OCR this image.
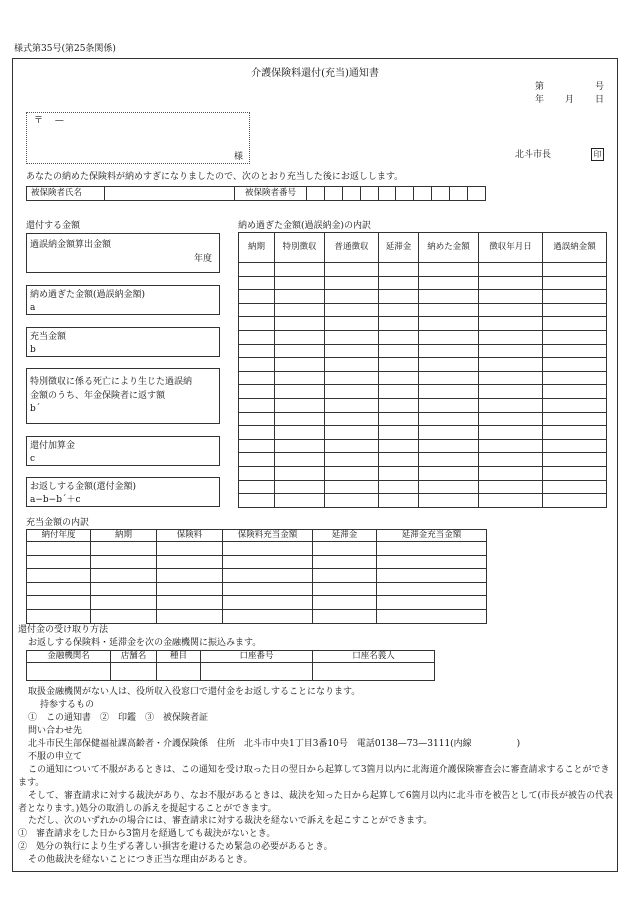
様式第35号(第25条関係)
介護保険料還付(充当)通知書
第	号
年 月 日
〒 　—
様	北斗市長	印
あなたの納めた保険料が納めすぎになりましたので、次のとおり充当した後にお返しします。
被保険者氏名		被保険者番号										
還付する金額
過誤納金額算出金額
年度
納め過ぎた金額(過誤納金額)
a
充当金額
b
特別徴収に係る死亡により生じた過誤納
金額のうち、年金保険者に返す額
b´
還付加算金
c
お返しする金額(還付金額)
a−b−b´＋c
納め過ぎた金額(過誤納金)の内訳
納期	特別徴収	普通徴収	延滞金	納めた金額	徴収年月日	過誤納金額

充当金額の内訳
納付年度	納期	保険料	保険料充当金額	延滞金	延滞金充当金額

還付金の受け取り方法
お返しする保険料・延滞金を次の金融機関に振込みます。
金融機関名	店舗名	種目	口座番号	口座名義人

取扱金融機関がない人は、役所収入役窓口で還付金をお返しすることになります。
持参するもの
①　この通知書　②　印鑑　③　被保険者証
問い合わせ先
北斗市民生部保健福祉課高齢者・介護保険係　住所　北斗市中央1丁目3番10号　電話0138—73—3111(内線　　　　　)
不服の申立て
この通知について不服があるときは、この通知を受け取った日の翌日から起算して3箇月以内に北海道介護保険審査会に審査請求することができます。
そして、審査請求に対する裁決があり、なお不服があるときは、裁決を知った日から起算して6箇月以内に北斗市を被告として(市長が被告の代表者となります。)処分の取消しの訴えを提起することができます。
ただし、次のいずれかの場合には、審査請求に対する裁決を経ないで訴えを起こすことができます。
①　審査請求をした日から3箇月を経過しても裁決がないとき。
②　処分の執行により生ずる著しい損害を避けるため緊急の必要があるとき。
その他裁決を経ないことにつき正当な理由があるとき。
